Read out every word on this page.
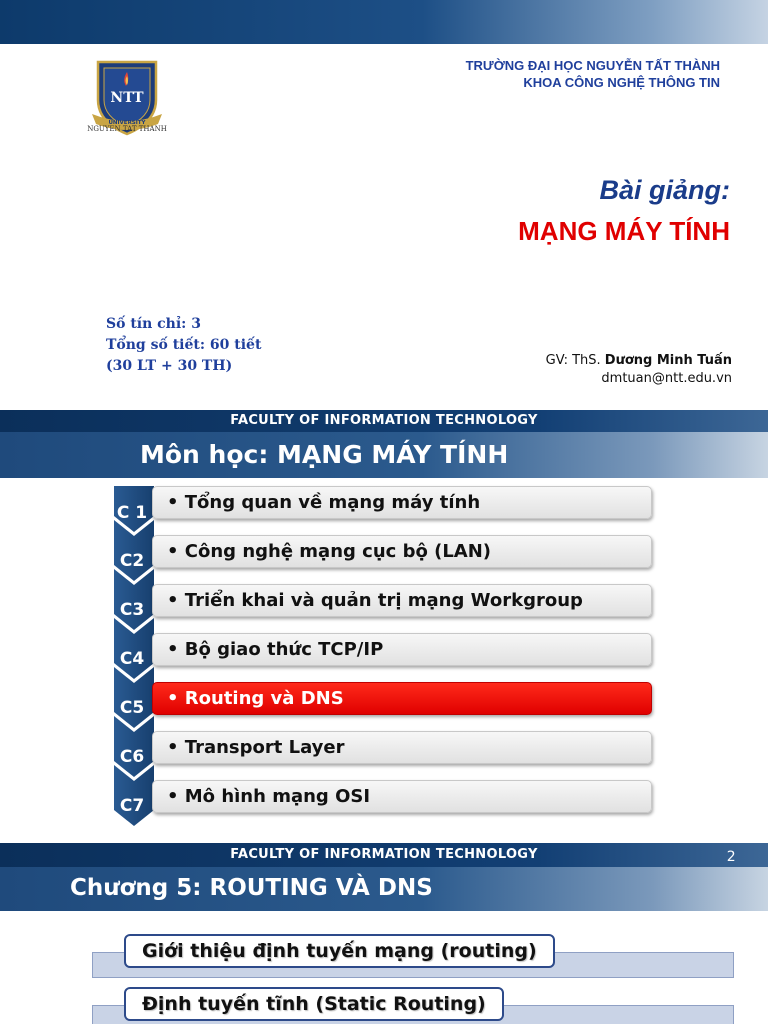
NTT
UNIVERSITY
NGUYEN TAT THANH
TRƯỜNG ĐẠI HỌC NGUYỄN TẤT THÀNH
KHOA CÔNG NGHỆ THÔNG TIN
Bài giảng:
MẠNG MÁY TÍNH
Số tín chỉ: 3
Tổng số tiết: 60 tiết
(30 LT + 30 TH)	GV: ThS. Dương Minh Tuấn
dmtuan@ntt.edu.vn
FACULTY OF INFORMATION TECHNOLOGY
Môn học: MẠNG MÁY TÍNH
C 1
C2
C3
C4
C5
C6
C7
• Tổng quan về mạng máy tính
• Công nghệ mạng cục bộ (LAN)
• Triển khai và quản trị mạng Workgroup
• Bộ giao thức TCP/IP
• Routing và DNS
• Transport Layer
• Mô hình mạng OSI
FACULTY OF INFORMATION TECHNOLOGY	2
Chương 5: ROUTING VÀ DNS
Giới thiệu định tuyến mạng (routing)
Định tuyến tĩnh (Static Routing)
